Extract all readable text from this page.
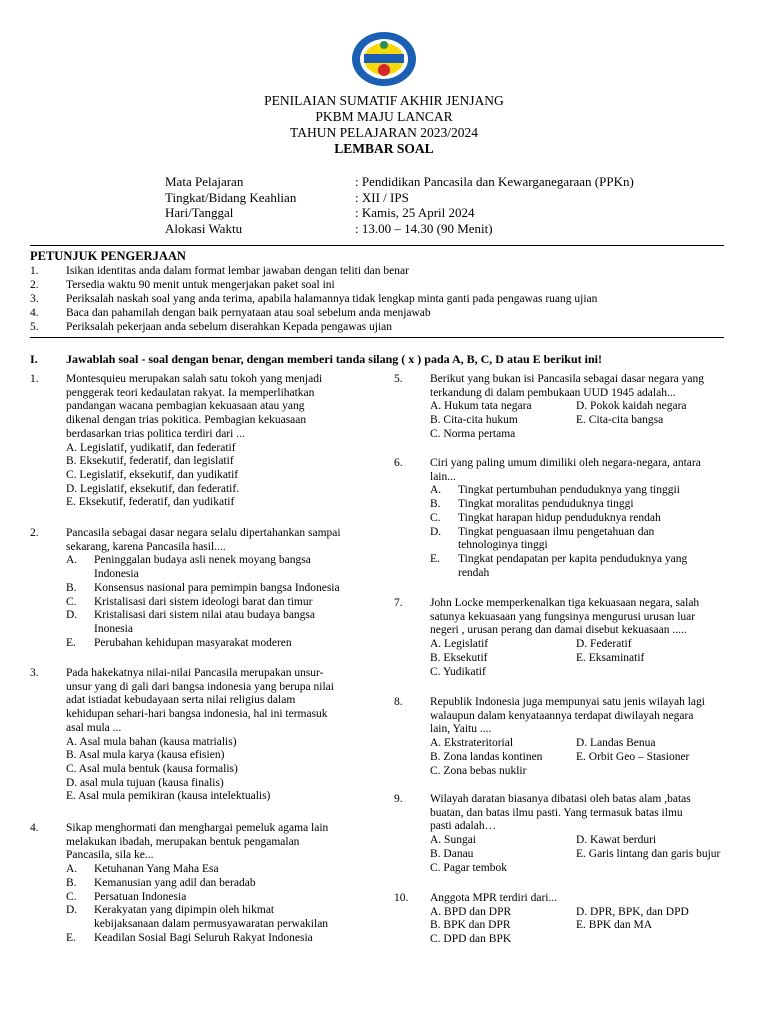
PENILAIAN SUMATIF AKHIR JENJANG
PKBM MAJU LANCAR
TAHUN PELAJARAN 2023/2024
LEMBAR SOAL
Mata Pelajaran	: Pendidikan Pancasila dan Kewarganegaraan (PPKn)
Tingkat/Bidang Keahlian	: XII / IPS
Hari/Tanggal	: Kamis, 25 April 2024
Alokasi Waktu	: 13.00 – 14.30 (90 Menit)
PETUNJUK PENGERJAAN
1.	Isikan identitas anda dalam format lembar jawaban dengan teliti dan benar
2.	Tersedia waktu 90 menit untuk mengerjakan paket soal ini
3.	Periksalah naskah soal yang anda terima, apabila halamannya tidak lengkap minta ganti pada pengawas ruang ujian
4.	Baca dan pahamilah dengan baik pernyataan atau soal sebelum anda menjawab
5.	Periksalah pekerjaan anda sebelum diserahkan Kepada pengawas ujian
I.	Jawablah soal - soal dengan benar, dengan memberi tanda silang ( x ) pada A, B, C, D atau E berikut ini!
1.	Montesquieu merupakan salah satu tokoh yang menjadi
penggerak teori kedaulatan rakyat. Ia memperlihatkan
pandangan wacana pembagian kekuasaan atau yang
dikenal dengan trias pokitica. Pembagian kekuasaan
berdasarkan trias politica terdiri dari ...
A. Legislatif, yudikatif, dan federatif
B. Eksekutif, federatif, dan legislatif
C. Legislatif, eksekutif, dan yudikatif
D. Legislatif, eksekutif, dan federatif.
E. Eksekutif, federatif, dan yudikatif
2.	Pancasila sebagai dasar negara selalu dipertahankan sampai
sekarang, karena Pancasila hasil....
A.	Peninggalan budaya asli nenek moyang bangsa
Indonesia
B.	Konsensus nasional para pemimpin bangsa Indonesia
C.	Kristalisasi dari sistem ideologi barat dan timur
D.	Kristalisasi dari sistem nilai atau budaya bangsa
Inonesia
E.	Perubahan kehidupan masyarakat moderen
3.	Pada hakekatnya nilai-nilai Pancasila merupakan unsur-
unsur yang di gali dari bangsa indonesia yang berupa nilai
adat istiadat kebudayaan serta nilai religius dalam
kehidupan sehari-hari bangsa indonesia, hal ini termasuk
asal mula ...
A. Asal mula bahan (kausa matrialis)
B. Asal mula karya (kausa efisien)
C. Asal mula bentuk (kausa formalis)
D. asal mula tujuan (kausa finalis)
E. Asal mula pemikiran (kausa intelektualis)
4.	Sikap menghormati dan menghargai pemeluk agama lain
melakukan ibadah, merupakan bentuk pengamalan
Pancasila, sila ke...
A.	Ketuhanan Yang Maha Esa
B.	Kemanusian yang adil dan beradab
C.	Persatuan Indonesia
D.	Kerakyatan yang dipimpin oleh hikmat
kebijaksanaan dalam permusyawaratan perwakilan
E.	Keadilan Sosial Bagi Seluruh Rakyat Indonesia
5.	Berikut yang bukan isi Pancasila sebagai dasar negara yang
terkandung di dalam pembukaan UUD 1945 adalah...
A. Hukum tata negara	D. Pokok kaidah negara
B. Cita-cita hukum	E. Cita-cita bangsa
C. Norma pertama
6.	Ciri yang paling umum dimiliki oleh negara-negara, antara
lain...
A.	Tingkat pertumbuhan penduduknya yang tinggii
B.	Tingkat moralitas penduduknya tinggi
C.	Tingkat harapan hidup penduduknya rendah
D.	Tingkat penguasaan ilmu pengetahuan dan
tehnologinya tinggi
E.	Tingkat pendapatan per kapita penduduknya yang
rendah
7.	John Locke memperkenalkan tiga kekuasaan negara, salah
satunya kekuasaan yang fungsinya mengurusi urusan luar
negeri , urusan perang dan damai disebut kekuasaan .....
A. Legislatif	D. Federatif
B. Eksekutif	E. Eksaminatif
C. Yudikatif
8.	Republik Indonesia juga mempunyai satu jenis wilayah lagi
walaupun dalam kenyataannya terdapat diwilayah negara
lain, Yaitu ....
A. Ekstrateritorial	D. Landas Benua
B. Zona landas kontinen	E. Orbit Geo – Stasioner
C. Zona bebas nuklir
9.	Wilayah daratan biasanya dibatasi oleh batas alam ,batas
buatan, dan batas ilmu pasti. Yang termasuk batas ilmu
pasti adalah…
A. Sungai	D. Kawat berduri
B. Danau	E. Garis lintang dan garis bujur
C. Pagar tembok
10.	Anggota MPR terdiri dari...
A. BPD dan DPR	D. DPR, BPK, dan DPD
B. BPK dan DPR	E. BPK dan MA
C. DPD dan BPK
